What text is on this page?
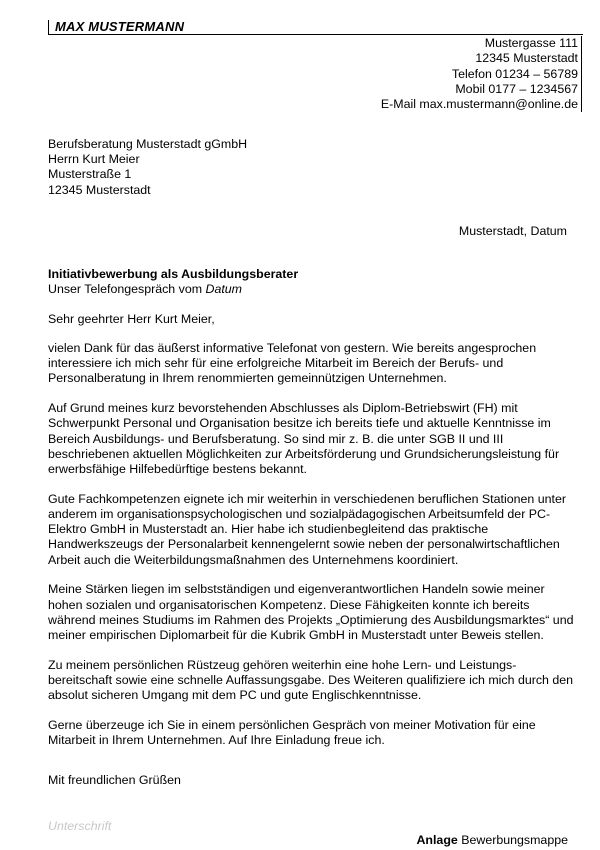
MAX MUSTERMANN
Mustergasse 111
12345 Musterstadt
Telefon 01234 – 56789
Mobil 0177 – 1234567
E-Mail max.mustermann@online.de
Berufsberatung Musterstadt gGmbH
Herrn Kurt Meier
Musterstraße 1
12345 Musterstadt
Musterstadt, Datum
Initiativbewerbung als Ausbildungsberater
Unser Telefongespräch vom Datum
Sehr geehrter Herr Kurt Meier,

vielen Dank für das äußerst informative Telefonat von gestern. Wie bereits angesprochen interessiere ich mich sehr für eine erfolgreiche Mitarbeit im Bereich der Berufs- und Personalberatung in Ihrem renommierten gemeinnützigen Unternehmen.

Auf Grund meines kurz bevorstehenden Abschlusses als Diplom-Betriebswirt (FH) mit Schwerpunkt Personal und Organisation besitze ich bereits tiefe und aktuelle Kenntnisse im Bereich Ausbildungs- und Berufsberatung. So sind mir z. B. die unter SGB II und III beschriebenen aktuellen Möglichkeiten zur Arbeitsförderung und Grundsicherungsleistung für erwerbsfähige Hilfebedürftige bestens bekannt.

Gute Fachkompetenzen eignete ich mir weiterhin in verschiedenen beruflichen Stationen unter anderem im organisationspsychologischen und sozialpädagogischen Arbeitsumfeld der PC-Elektro GmbH in Musterstadt an. Hier habe ich studienbegleitend das praktische Handwerkszeugs der Personalarbeit kennengelernt sowie neben der personalwirtschaftlichen Arbeit auch die Weiterbildungsmaßnahmen des Unternehmens koordiniert.

Meine Stärken liegen im selbstständigen und eigenverantwortlichen Handeln sowie meiner hohen sozialen und organisatorischen Kompetenz. Diese Fähigkeiten konnte ich bereits während meines Studiums im Rahmen des Projekts „Optimierung des Ausbildungsmarktes“ und meiner empirischen Diplomarbeit für die Kubrik GmbH in Musterstadt unter Beweis stellen.

Zu meinem persönlichen Rüstzeug gehören weiterhin eine hohe Lern- und Leistungs-bereitschaft sowie eine schnelle Auffassungsgabe. Des Weiteren qualifiziere ich mich durch den absolut sicheren Umgang mit dem PC und gute Englischkenntnisse.

Gerne überzeuge ich Sie in einem persönlichen Gespräch von meiner Motivation für eine Mitarbeit in Ihrem Unternehmen. Auf Ihre Einladung freue ich.

Mit freundlichen Grüßen
Unterschrift
Anlage Bewerbungsmappe
